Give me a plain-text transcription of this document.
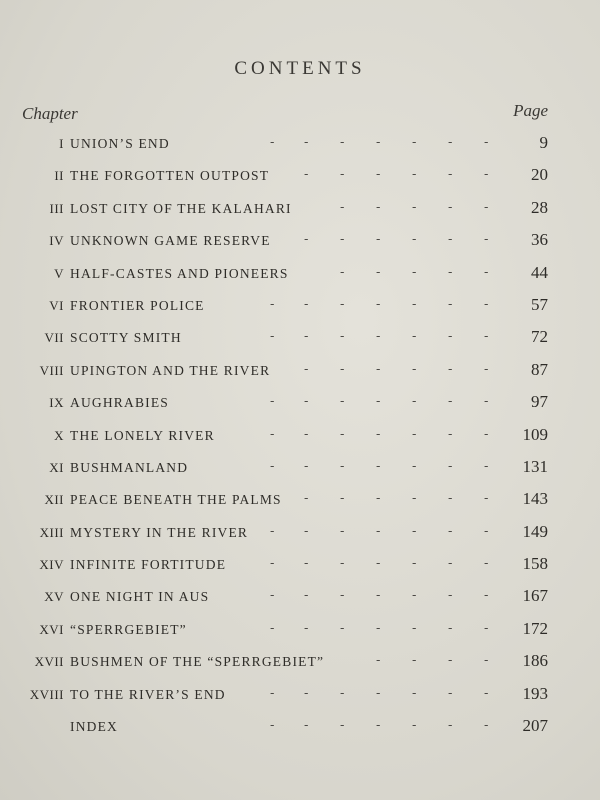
CONTENTS
Chapter	Page
I UNION’S END	9
- - - - - - -
II THE FORGOTTEN OUTPOST	20
- - - - - -
III LOST CITY OF THE KALAHARI	28
- - - - -
IV UNKNOWN GAME RESERVE	36
- - - - - -
V HALF-CASTES AND PIONEERS	44
- - - - -
VI FRONTIER POLICE	57
- - - - - - -
VII SCOTTY SMITH	72
- - - - - - -
VIII UPINGTON AND THE RIVER	87
- - - - - -
IX AUGHRABIES	97
- - - - - - -
X THE LONELY RIVER	109
- - - - - - -
XI BUSHMANLAND	131
- - - - - - -
XII PEACE BENEATH THE PALMS	143
- - - - - -
XIII MYSTERY IN THE RIVER	149
- - - - - - -
XIV INFINITE FORTITUDE	158
- - - - - - -
XV ONE NIGHT IN AUS	167
- - - - - - -
XVI “SPERRGEBIET”	172
- - - - - - -
XVII BUSHMEN OF THE “SPERRGEBIET”	186
- - - -
XVIII TO THE RIVER’S END	193
- - - - - - -
INDEX	207
- - - - - - -
